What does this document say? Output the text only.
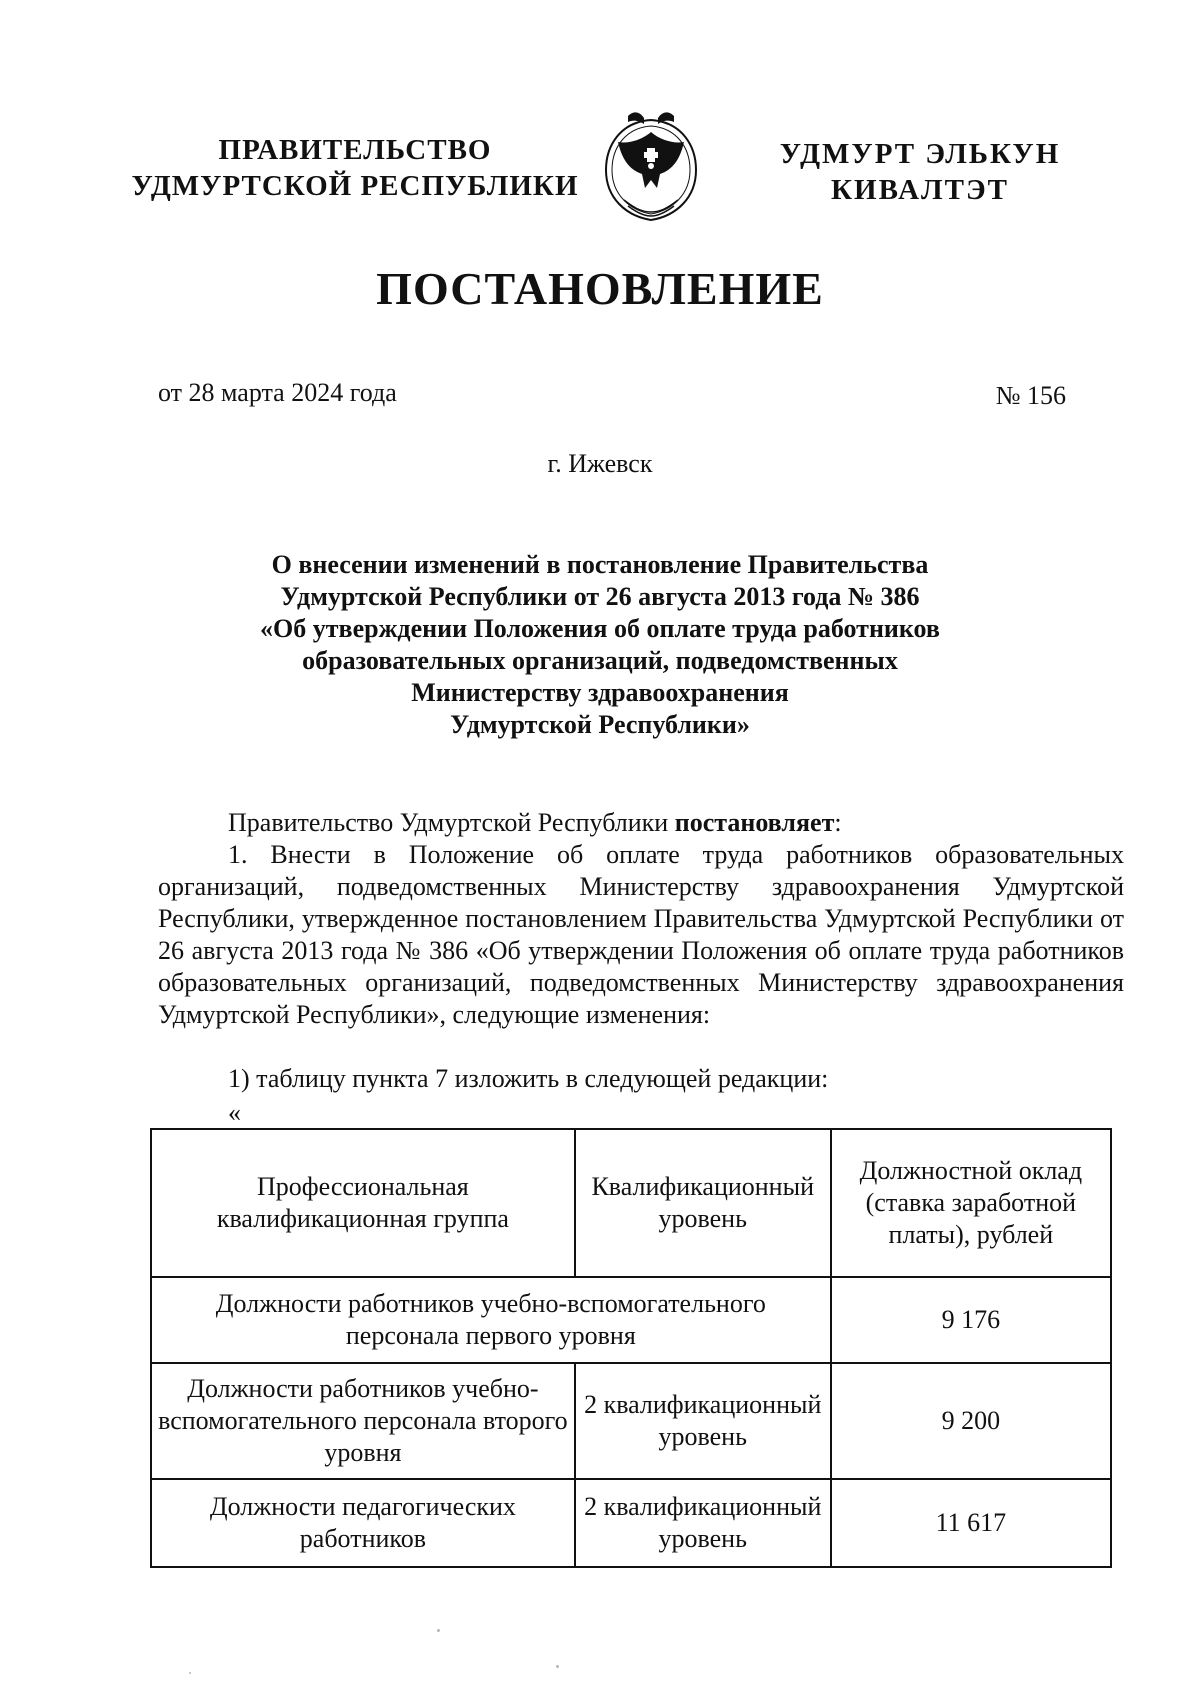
ПРАВИТЕЛЬСТВО
УДМУРТСКОЙ РЕСПУБЛИКИ
УДМУРТ ЭЛЬКУН
КИВАЛТЭТ
ПОСТАНОВЛЕНИЕ
от 28 марта 2024 года	№ 156
г. Ижевск
О внесении изменений в постановление Правительства
Удмуртской Республики от 26 августа 2013 года № 386
«Об утверждении Положения об оплате труда работников
образовательных организаций, подведомственных
Министерству здравоохранения
Удмуртской Республики»
Правительство Удмуртской Республики постановляет:
1. Внести в Положение об оплате труда работников образовательных организаций, подведомственных Министерству здравоохранения Удмуртской Республики, утвержденное постановлением Правительства Удмуртской Республики от 26 августа 2013 года № 386 «Об утверждении Положения об оплате труда работников образовательных организаций, подведомственных Министерству здравоохранения Удмуртской Республики», следующие изменения:
1) таблицу пункта 7 изложить в следующей редакции:
«
Профессиональная квалификационная группа	Квалификационный уровень	Должностной оклад (ставка заработной платы), рублей
Должности работников учебно-вспомогательного персонала первого уровня		9 176
Должности работников учебно-вспомогательного персонала второго уровня	2 квалификационный уровень	9 200
Должности педагогических работников	2 квалификационный уровень	11 617
